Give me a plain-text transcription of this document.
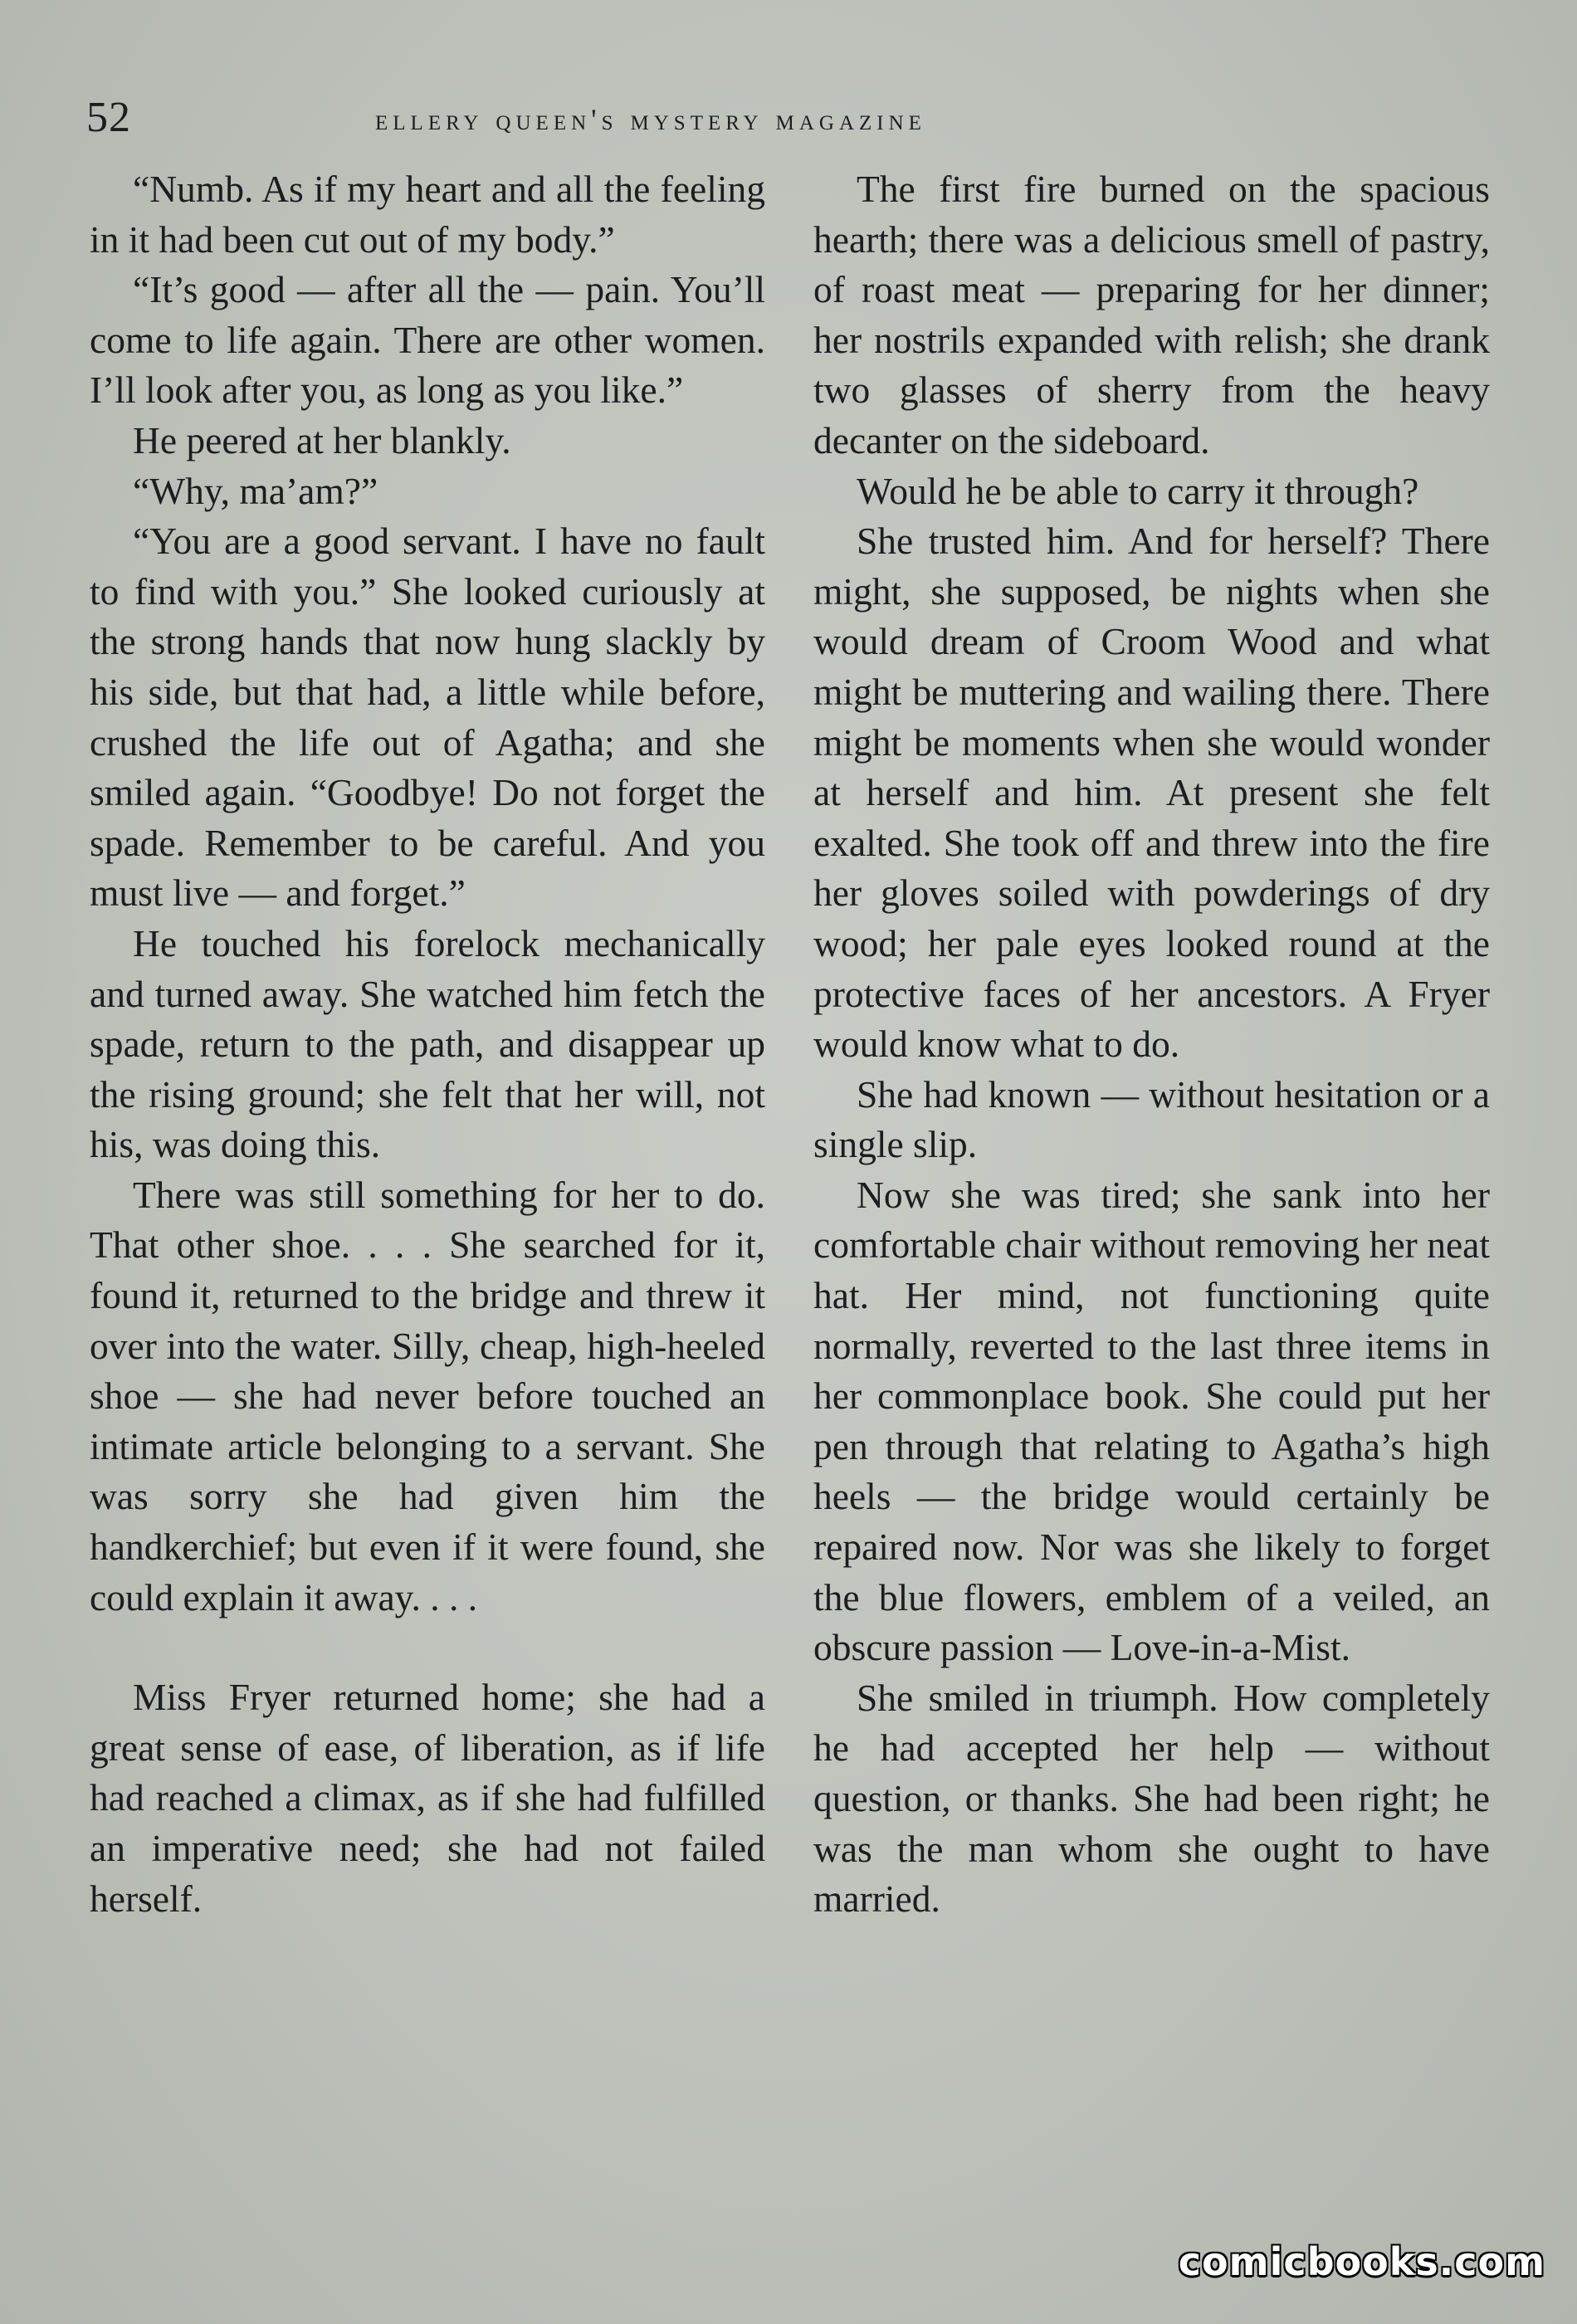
52	ellery queen's mystery magazine

“Numb. As if my heart and all the feeling in it had been cut out of my body.”

“It’s good — after all the — pain. You’ll come to life again. There are other women. I’ll look after you, as long as you like.”

He peered at her blankly.

“Why, ma’am?”

“You are a good servant. I have no fault to find with you.” She looked curiously at the strong hands that now hung slackly by his side, but that had, a little while before, crushed the life out of Agatha; and she smiled again. “Goodbye! Do not forget the spade. Remember to be careful. And you must live — and forget.”

He touched his forelock mechanically and turned away. She watched him fetch the spade, return to the path, and disappear up the rising ground; she felt that her will, not his, was doing this.

There was still something for her to do. That other shoe. . . . She searched for it, found it, returned to the bridge and threw it over into the water. Silly, cheap, high-heeled shoe — she had never before touched an intimate article belonging to a servant. She was sorry she had given him the handkerchief; but even if it were found, she could explain it away. . . .

Miss Fryer returned home; she had a great sense of ease, of liberation, as if life had reached a climax, as if she had fulfilled an imperative need; she had not failed herself.

The first fire burned on the spacious hearth; there was a delicious smell of pastry, of roast meat — preparing for her dinner; her nostrils expanded with relish; she drank two glasses of sherry from the heavy decanter on the sideboard.

Would he be able to carry it through?

She trusted him. And for herself? There might, she supposed, be nights when she would dream of Croom Wood and what might be muttering and wailing there. There might be moments when she would wonder at herself and him. At present she felt exalted. She took off and threw into the fire her gloves soiled with powderings of dry wood; her pale eyes looked round at the protective faces of her ancestors. A Fryer would know what to do.

She had known — without hesitation or a single slip.

Now she was tired; she sank into her comfortable chair without removing her neat hat. Her mind, not functioning quite normally, reverted to the last three items in her commonplace book. She could put her pen through that relating to Agatha’s high heels — the bridge would certainly be repaired now. Nor was she likely to forget the blue flowers, emblem of a veiled, an obscure passion — Love-in-a-Mist.

She smiled in triumph. How completely he had accepted her help — without question, or thanks. She had been right; he was the man whom she ought to have married.

comicbooks.com
